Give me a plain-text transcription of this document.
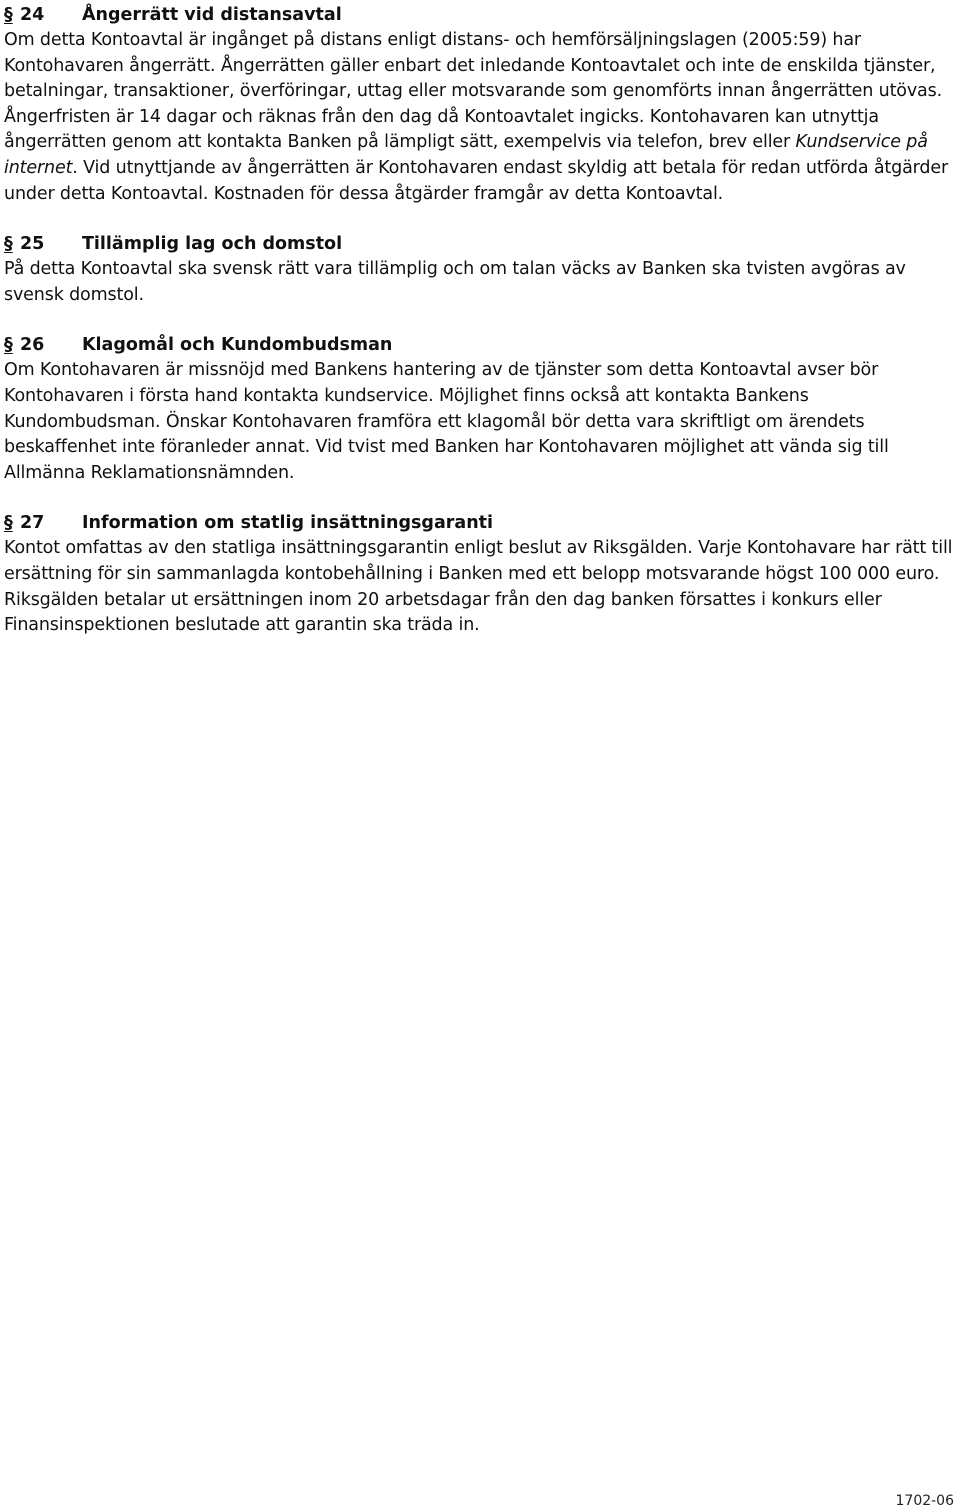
§ 24	Ångerrätt vid distansavtal

Om detta Kontoavtal är ingånget på distans enligt distans- och hemförsäljningslagen (2005:59) har Kontohavaren ångerrätt. Ångerrätten gäller enbart det inledande Kontoavtalet och inte de enskilda tjänster, betalningar, transaktioner, överföringar, uttag eller motsvarande som genomförts innan ångerrätten utövas. Ångerfristen är 14 dagar och räknas från den dag då Kontoavtalet ingicks. Kontohavaren kan utnyttja ångerrätten genom att kontakta Banken på lämpligt sätt, exempelvis via telefon, brev eller Kundservice på internet. Vid utnyttjande av ångerrätten är Kontohavaren endast skyldig att betala för redan utförda åtgärder under detta Kontoavtal. Kostnaden för dessa åtgärder framgår av detta Kontoavtal.

§ 25	Tillämplig lag och domstol

På detta Kontoavtal ska svensk rätt vara tillämplig och om talan väcks av Banken ska tvisten avgöras av svensk domstol.

§ 26	Klagomål och Kundombudsman

Om Kontohavaren är missnöjd med Bankens hantering av de tjänster som detta Kontoavtal avser bör Kontohavaren i första hand kontakta kundservice. Möjlighet finns också att kontakta Bankens Kundombudsman. Önskar Kontohavaren framföra ett klagomål bör detta vara skriftligt om ärendets beskaffenhet inte föranleder annat. Vid tvist med Banken har Kontohavaren möjlighet att vända sig till Allmänna Reklamationsnämnden.

§ 27	Information om statlig insättningsgaranti

Kontot omfattas av den statliga insättningsgarantin enligt beslut av Riksgälden. Varje Kontohavare har rätt till ersättning för sin sammanlagda kontobehållning i Banken med ett belopp motsvarande högst 100 000 euro. Riksgälden betalar ut ersättningen inom 20 arbetsdagar från den dag banken försattes i konkurs eller Finansinspektionen beslutade att garantin ska träda in.

1702-06
